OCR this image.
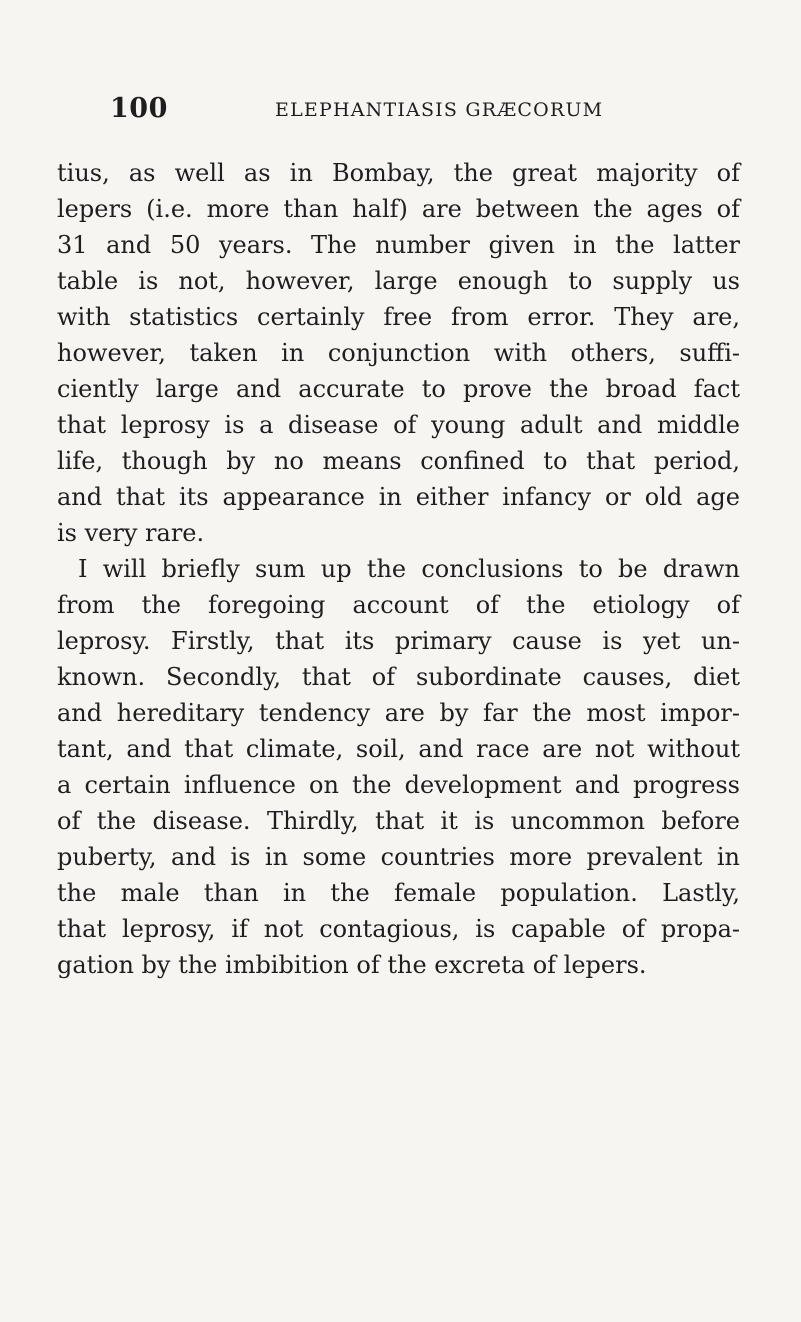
100	ELEPHANTIASIS GRÆCORUM
tius, as well as in Bombay, the great majority of
lepers (i.e. more than half) are between the ages of
31 and 50 years. The number given in the latter
table is not, however, large enough to supply us
with statistics certainly free from error. They are,
however, taken in conjunction with others, suffi-
ciently large and accurate to prove the broad fact
that leprosy is a disease of young adult and middle
life, though by no means confined to that period,
and that its appearance in either infancy or old age
is very rare.
I will briefly sum up the conclusions to be drawn
from the foregoing account of the etiology of
leprosy. Firstly, that its primary cause is yet un-
known. Secondly, that of subordinate causes, diet
and hereditary tendency are by far the most impor-
tant, and that climate, soil, and race are not without
a certain influence on the development and progress
of the disease. Thirdly, that it is uncommon before
puberty, and is in some countries more prevalent in
the male than in the female population. Lastly,
that leprosy, if not contagious, is capable of propa-
gation by the imbibition of the excreta of lepers.
